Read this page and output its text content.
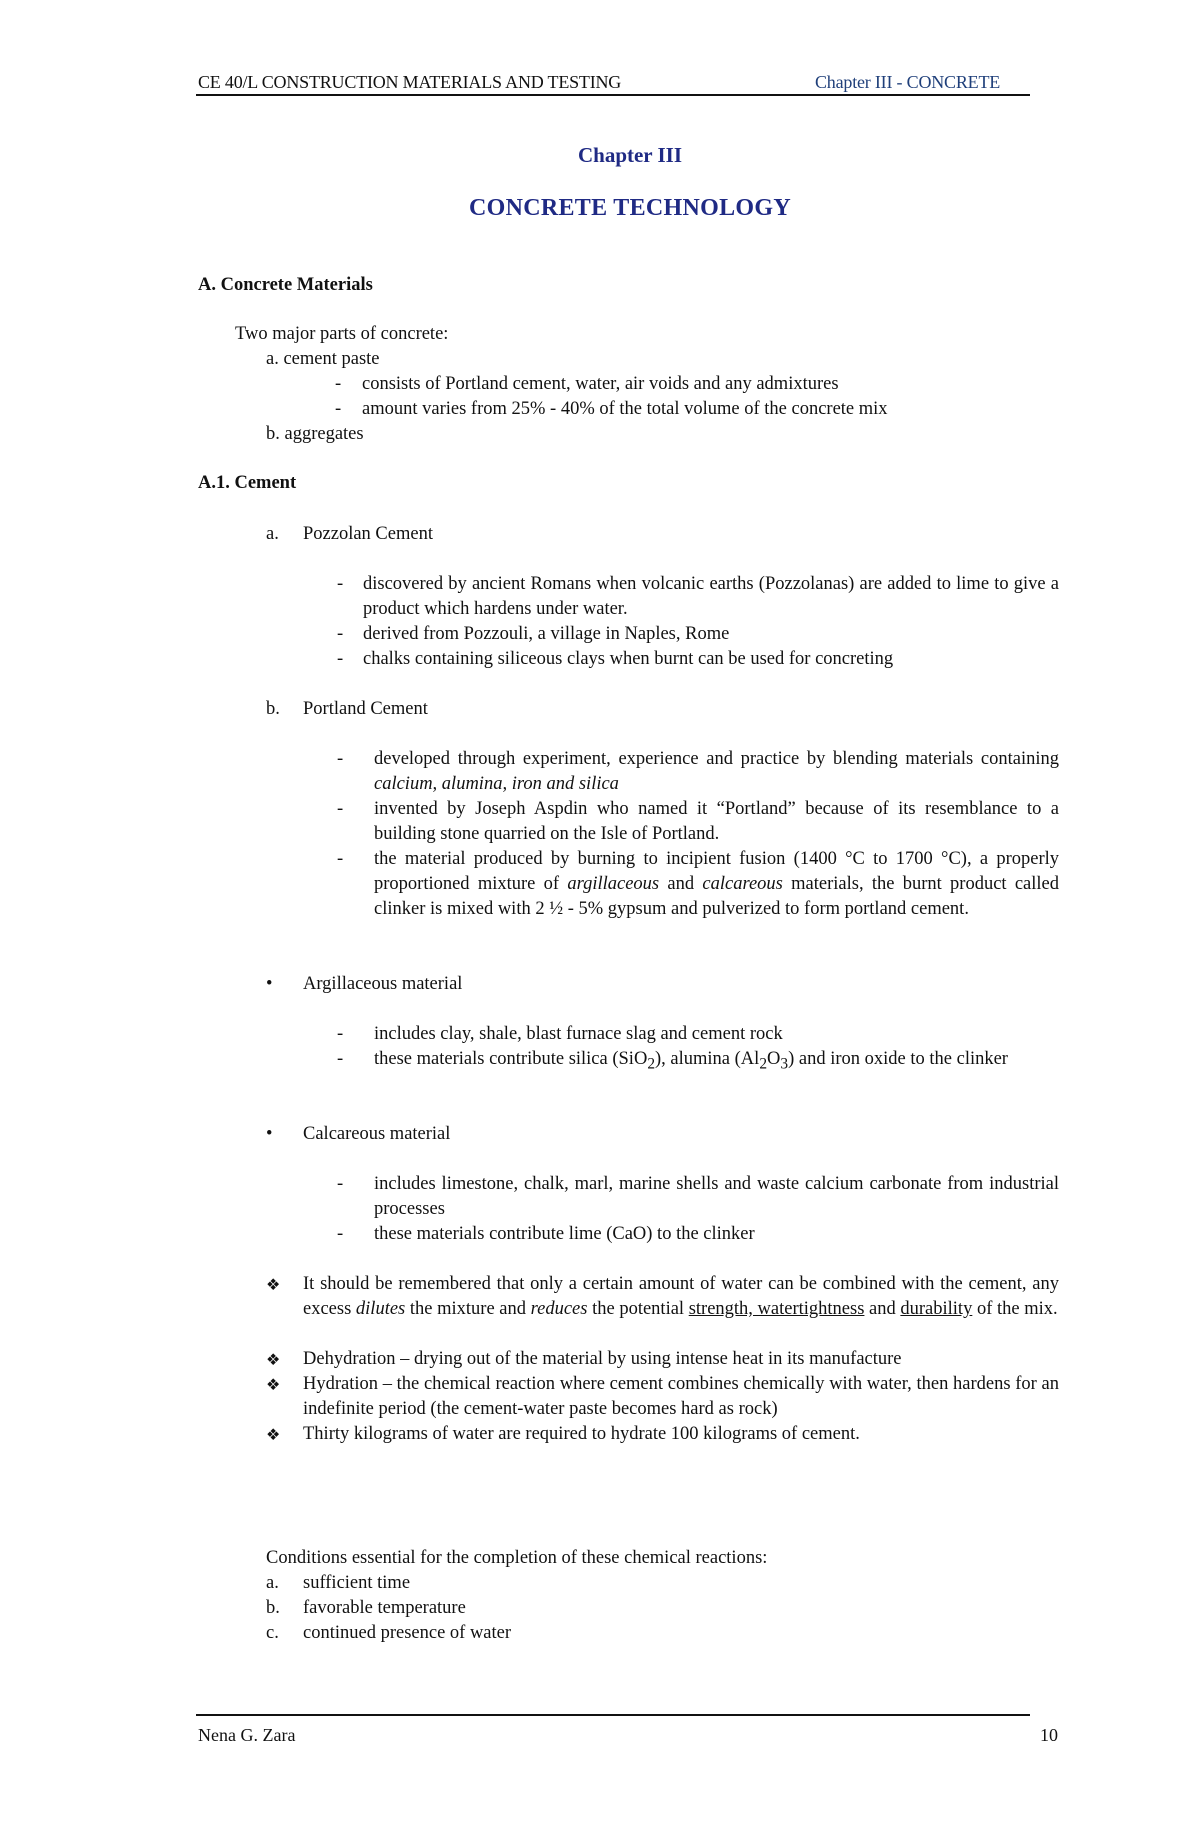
CE 40/L CONSTRUCTION MATERIALS AND TESTING	Chapter III - CONCRETE
Chapter III
CONCRETE TECHNOLOGY
A. Concrete Materials
Two major parts of concrete:
a. cement paste
- consists of Portland cement, water, air voids and any admixtures
- amount varies from 25% - 40% of the total volume of the concrete mix
b. aggregates
A.1. Cement
a. Pozzolan Cement
- discovered by ancient Romans when volcanic earths (Pozzolanas) are added to lime to give a product which hardens under water.
- derived from Pozzouli, a village in Naples, Rome
- chalks containing siliceous clays when burnt can be used for concreting
b. Portland Cement
- developed through experiment, experience and practice by blending materials containing calcium, alumina, iron and silica
- invented by Joseph Aspdin who named it “Portland” because of its resemblance to a building stone quarried on the Isle of Portland.
- the material produced by burning to incipient fusion (1400 °C to 1700 °C), a properly proportioned mixture of argillaceous and calcareous materials, the burnt product called clinker is mixed with 2 ½ - 5% gypsum and pulverized to form portland cement.
• Argillaceous material
- includes clay, shale, blast furnace slag and cement rock
- these materials contribute silica (SiO$_2$), alumina $(Al_2O_3)$ and iron oxide to the clinker
• Calcareous material
- includes limestone, chalk, marl, marine shells and waste calcium carbonate from industrial processes
- these materials contribute lime (CaO) to the clinker
❖ It should be remembered that only a certain amount of water can be combined with the cement, any excess dilutes the mixture and reduces the potential strength, watertightness and durability of the mix.
❖ Dehydration – drying out of the material by using intense heat in its manufacture
❖ Hydration – the chemical reaction where cement combines chemically with water, then hardens for an indefinite period (the cement-water paste becomes hard as rock)
❖ Thirty kilograms of water are required to hydrate 100 kilograms of cement.
Conditions essential for the completion of these chemical reactions:
a. sufficient time
b. favorable temperature
c. continued presence of water
Nena G. Zara	10
